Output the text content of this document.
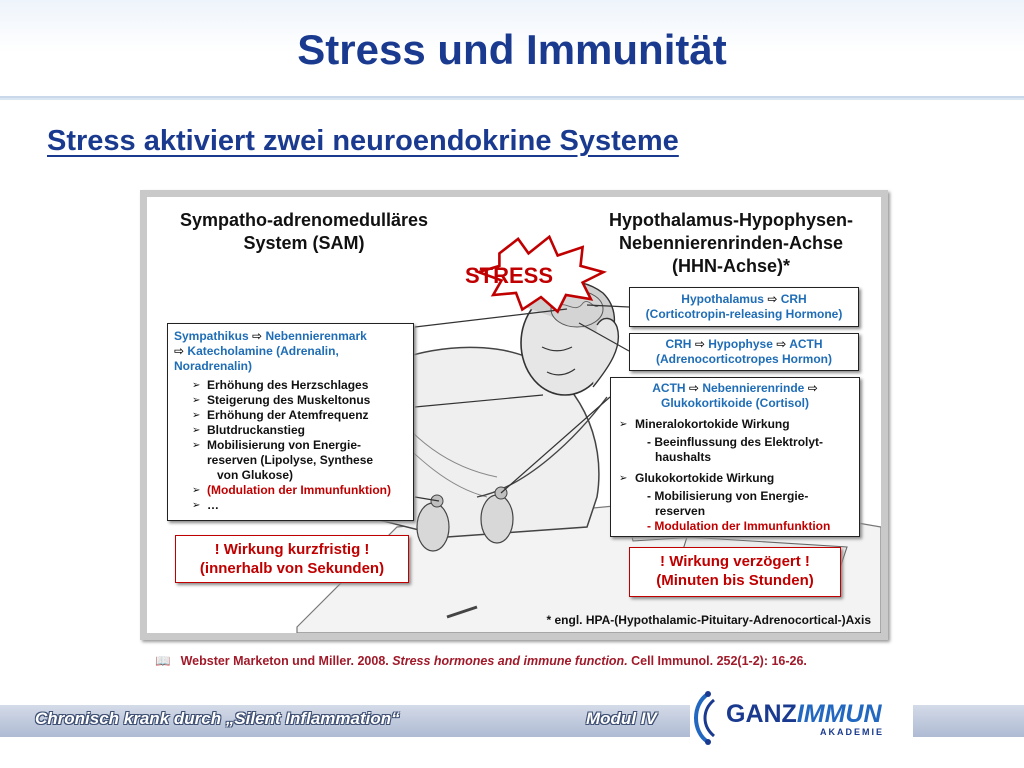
Stress und Immunität
Stress aktiviert zwei neuroendokrine Systeme
Sympatho-adrenomedulläres
System (SAM)
Hypothalamus-Hypophysen-
Nebennierenrinden-Achse
(HHN-Achse)*
STRESS
Sympathikus ⇨ Nebennierenmark
⇨ Katecholamine (Adrenalin,
Noradrenalin)
➢ Erhöhung des Herzschlages
➢ Steigerung des Muskeltonus
➢ Erhöhung der Atemfrequenz
➢ Blutdruckanstieg
➢ Mobilisierung von Energie-
reserven (Lipolyse, Synthese
von Glukose)
➢ (Modulation der Immunfunktion)
➢ …
Hypothalamus ⇨ CRH
(Corticotropin-releasing Hormone)
CRH ⇨ Hypophyse ⇨ ACTH
(Adrenocorticotropes Hormon)
ACTH ⇨ Nebennierenrinde ⇨
Glukokortikoide (Cortisol)
➢ Mineralokortokide Wirkung
- Beeinflussung des Elektrolyt-
haushalts
➢ Glukokortokide Wirkung
- Mobilisierung von Energie-
reserven
- Modulation der Immunfunktion
! Wirkung kurzfristig !
(innerhalb von Sekunden)	! Wirkung verzögert !
(Minuten bis Stunden)
* engl. HPA-(Hypothalamic-Pituitary-Adrenocortical-)Axis
📖 Webster Marketon und Miller. 2008. Stress hormones and immune function. Cell Immunol. 252(1-2): 16-26.
Chronisch krank durch „Silent Inflammation“	Modul IV	GANZIMMUN
AKADEMIE
